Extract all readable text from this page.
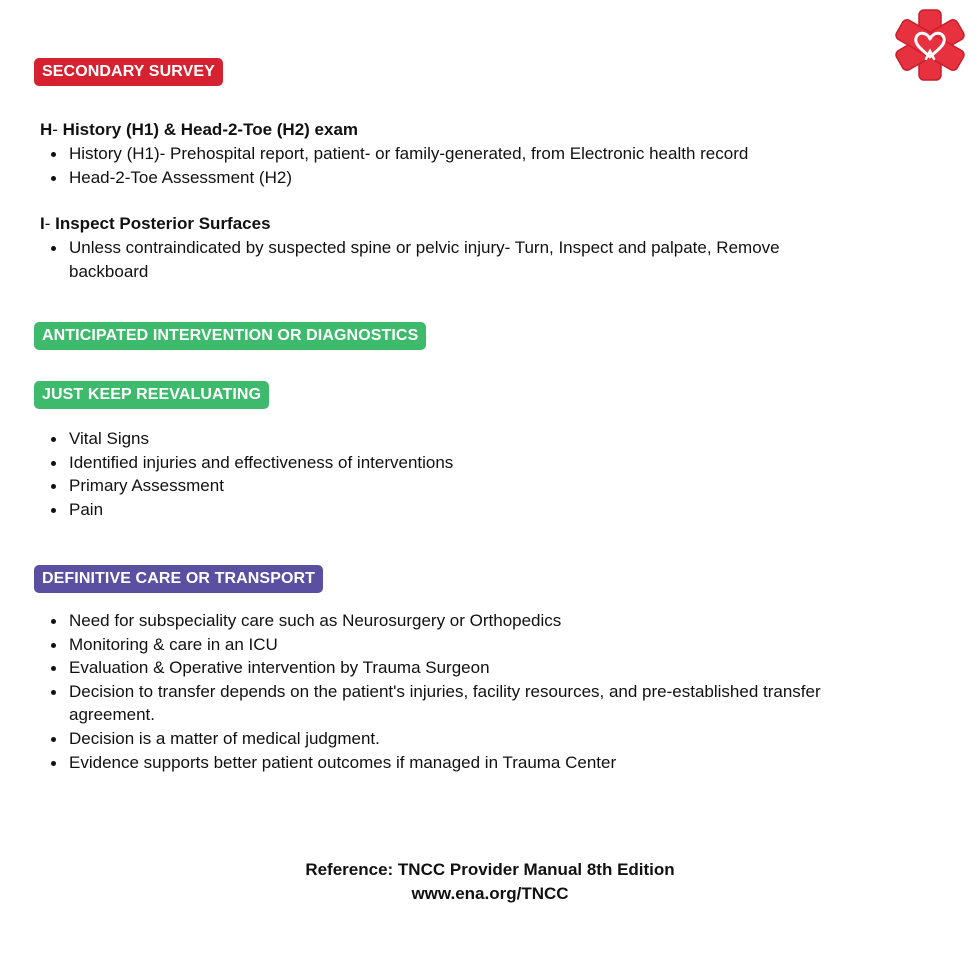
SECONDARY SURVEY
H- History (H1) & Head-2-Toe (H2) exam
History (H1)- Prehospital report, patient- or family-generated, from Electronic health record
Head-2-Toe Assessment (H2)
I- Inspect Posterior Surfaces
Unless contraindicated by suspected spine or pelvic injury- Turn, Inspect and palpate, Remove backboard
ANTICIPATED INTERVENTION OR DIAGNOSTICS
JUST KEEP REEVALUATING
Vital Signs
Identified injuries and effectiveness of interventions
Primary Assessment
Pain
DEFINITIVE CARE OR TRANSPORT
Need for subspeciality care such as Neurosurgery or Orthopedics
Monitoring & care in an ICU
Evaluation & Operative intervention by Trauma Surgeon
Decision to transfer depends on the patient's injuries, facility resources, and pre-established transfer agreement.
Decision is a matter of medical judgment.
Evidence supports better patient outcomes if managed in Trauma Center
Reference: TNCC Provider Manual 8th Edition
www.ena.org/TNCC
